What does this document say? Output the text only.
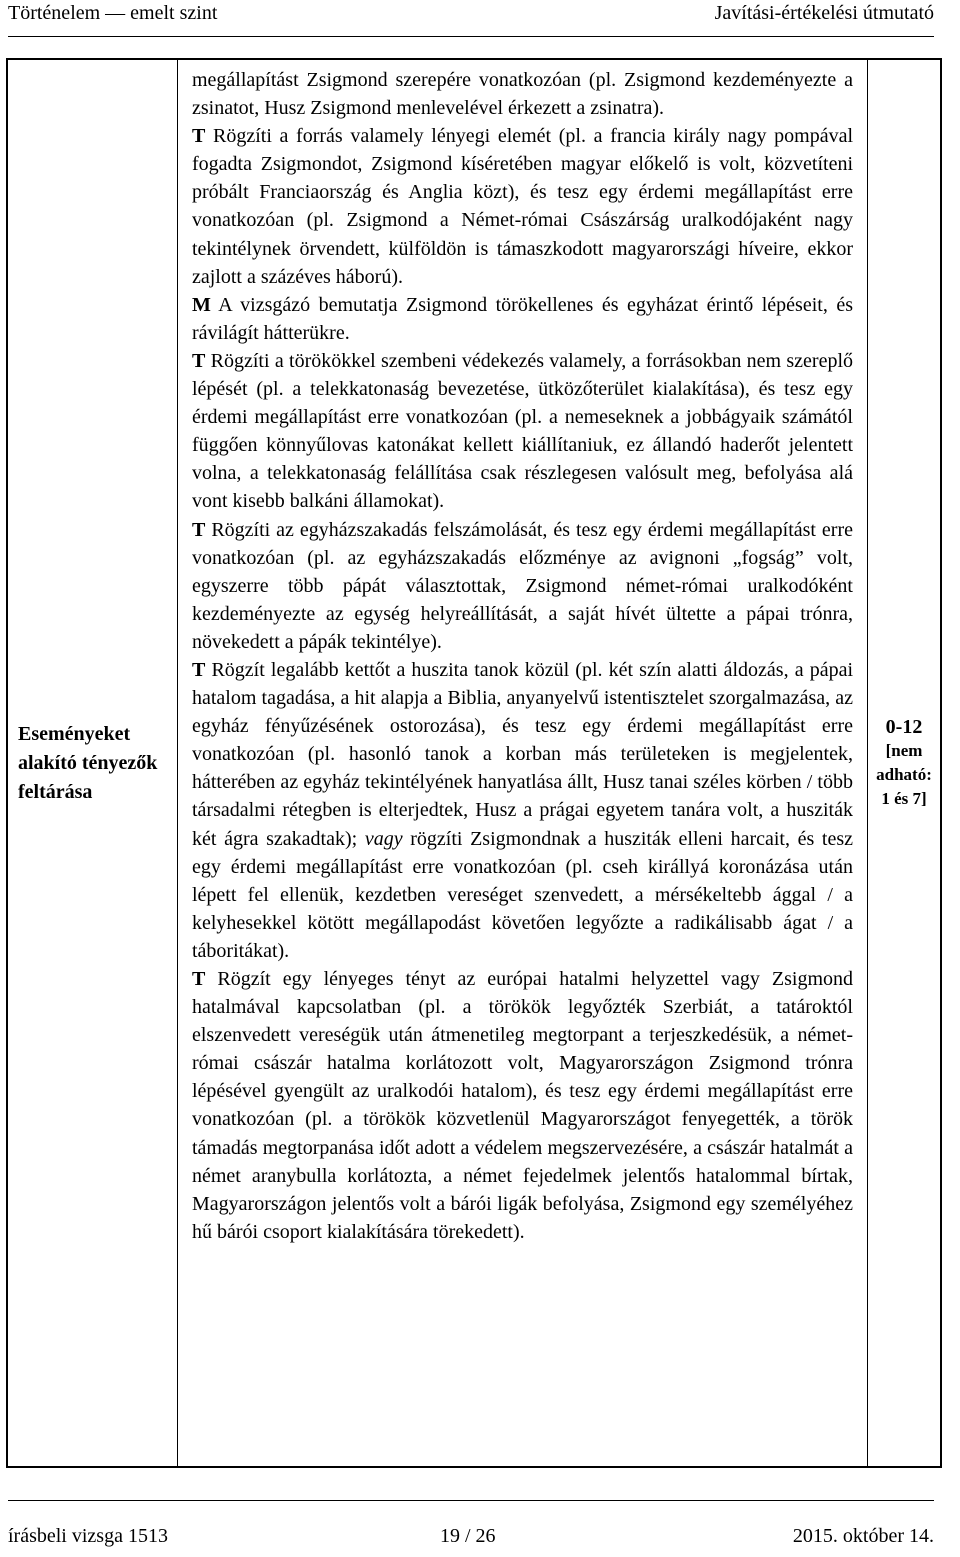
Történelem — emelt szint	Javítási-értékelési útmutató
Eseményeket alakító tényezők feltárása

megállapítást Zsigmond szerepére vonatkozóan (pl. Zsigmond kezdeményezte a zsinatot, Husz Zsigmond menlevelével érkezett a zsinatra).

T Rögzíti a forrás valamely lényegi elemét (pl. a francia király nagy pompával fogadta Zsigmondot, Zsigmond kíséretében magyar előkelő is volt, közvetíteni próbált Franciaország és Anglia közt), és tesz egy érdemi megállapítást erre vonatkozóan (pl. Zsigmond a Német-római Császárság uralkodójaként nagy tekintélynek örvendett, külföldön is támaszkodott magyarországi híveire, ekkor zajlott a százéves háború).

M A vizsgázó bemutatja Zsigmond törökellenes és egyházat érintő lépéseit, és rávilágít hátterükre.

T Rögzíti a törökökkel szembeni védekezés valamely, a forrásokban nem szereplő lépését (pl. a telekkatonaság bevezetése, ütközőterület kialakítása), és tesz egy érdemi megállapítást erre vonatkozóan (pl. a nemeseknek a jobbágyaik számától függően könnyűlovas katonákat kellett kiállítaniuk, ez állandó haderőt jelentett volna, a telekkatonaság felállítása csak részlegesen valósult meg, befolyása alá vont kisebb balkáni államokat).

T Rögzíti az egyházszakadás felszámolását, és tesz egy érdemi megállapítást erre vonatkozóan (pl. az egyházszakadás előzménye az avignoni „fogság” volt, egyszerre több pápát választottak, Zsigmond német-római uralkodóként kezdeményezte az egység helyreállítását, a saját hívét ültette a pápai trónra, növekedett a pápák tekintélye).

T Rögzít legalább kettőt a huszita tanok közül (pl. két szín alatti áldozás, a pápai hatalom tagadása, a hit alapja a Biblia, anyanyelvű istentisztelet szorgalmazása, az egyház fényűzésének ostorozása), és tesz egy érdemi megállapítást erre vonatkozóan (pl. hasonló tanok a korban más területeken is megjelentek, hátterében az egyház tekintélyének hanyatlása állt, Husz tanai széles körben / több társadalmi rétegben is elterjedtek, Husz a prágai egyetem tanára volt, a husziták két ágra szakadtak); vagy rögzíti Zsigmondnak a husziták elleni harcait, és tesz egy érdemi megállapítást erre vonatkozóan (pl. cseh királlyá koronázása után lépett fel ellenük, kezdetben vereséget szenvedett, a mérsékeltebb ággal / a kelyhesekkel kötött megállapodást követően legyőzte a radikálisabb ágat / a táboritákat).

T Rögzít egy lényeges tényt az európai hatalmi helyzettel vagy Zsigmond hatalmával kapcsolatban (pl. a törökök legyőzték Szerbiát, a tatároktól elszenvedett vereségük után átmenetileg megtorpant a terjeszkedésük, a német-római császár hatalma korlátozott volt, Magyarországon Zsigmond trónra lépésével gyengült az uralkodói hatalom), és tesz egy érdemi megállapítást erre vonatkozóan (pl. a törökök közvetlenül Magyarországot fenyegették, a török támadás megtorpanása időt adott a védelem megszervezésére, a császár hatalmát a német aranybulla korlátozta, a német fejedelmek jelentős hatalommal bírtak, Magyarországon jelentős volt a bárói ligák befolyása, Zsigmond egy személyéhez hű bárói csoport kialakítására törekedett).

0-12
[nem adható: 1 és 7]
írásbeli vizsga 1513	19 / 26	2015. október 14.
